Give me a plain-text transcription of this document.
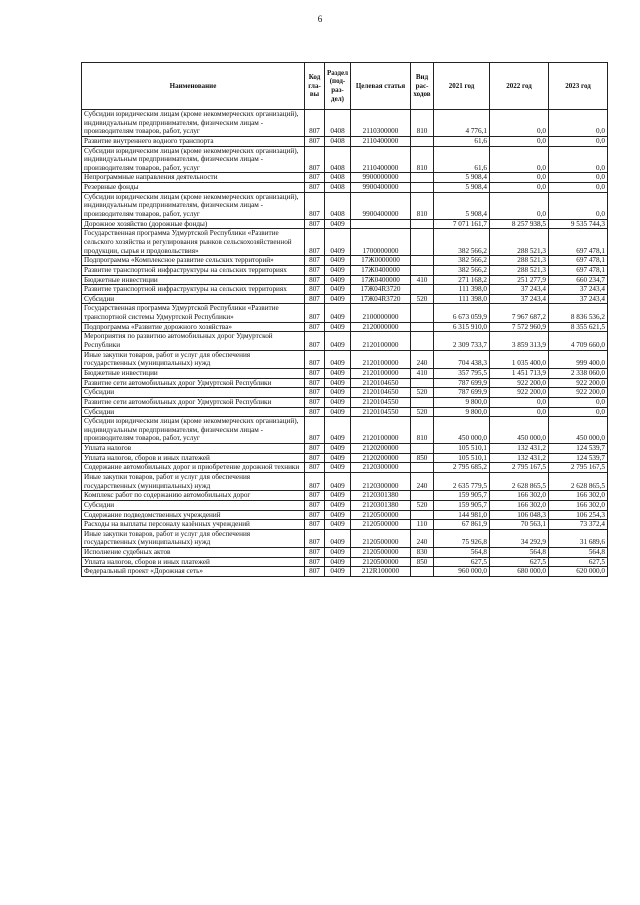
6
Наименование	Код гла- вы	Раздел (под- раз- дел)	Целевая статья	Вид рас- ходов	2021 год	2022 год	2023 год
Субсидии юридическим лицам (кроме некоммерческих организаций), индивидуальным предпринимателям, физическим лицам - производителям товаров, работ, услуг	807	0408	2110300000	810	4 776,1	0,0	0,0
Развитие внутреннего водного транспорта	807	0408	2110400000		61,6	0,0	0,0
Субсидии юридическим лицам (кроме некоммерческих организаций), индивидуальным предпринимателям, физическим лицам - производителям товаров, работ, услуг	807	0408	2110400000	810	61,6	0,0	0,0
Непрограммные направления деятельности	807	0408	9900000000		5 908,4	0,0	0,0
Резервные фонды	807	0408	9900400000		5 908,4	0,0	0,0
Субсидии юридическим лицам (кроме некоммерческих организаций), индивидуальным предпринимателям, физическим лицам - производителям товаров, работ, услуг	807	0408	9900400000	810	5 908,4	0,0	0,0
Дорожное хозяйство (дорожные фонды)	807	0409			7 071 161,7	8 257 938,5	9 535 744,3
Государственная программа Удмуртской Республики «Развитие сельского хозяйства и регулирования рынков сельскохозяйственной продукции, сырья и продовольствия»	807	0409	1700000000		382 566,2	288 521,3	697 478,1
Подпрограмма «Комплексное развитие сельских территорий»	807	0409	17Ж0000000		382 566,2	288 521,3	697 478,1
Развитие транспортной инфраструктуры на сельских территориях	807	0409	17Ж0400000		382 566,2	288 521,3	697 478,1
Бюджетные инвестиции	807	0409	17Ж0400000	410	271 168,2	251 277,9	660 234,7
Развитие транспортной инфраструктуры на сельских территориях	807	0409	17Ж04R3720		111 398,0	37 243,4	37 243,4
Субсидии	807	0409	17Ж04R3720	520	111 398,0	37 243,4	37 243,4
Государственная программа Удмуртской Республики «Развитие транспортной системы Удмуртской Республики»	807	0409	2100000000		6 673 059,9	7 967 687,2	8 836 536,2
Подпрограмма «Развитие дорожного хозяйства»	807	0409	2120000000		6 315 910,0	7 572 960,9	8 355 621,5
Мероприятия по развитию автомобильных дорог Удмуртской Республики	807	0409	2120100000		2 309 733,7	3 859 313,9	4 709 660,0
Иные закупки товаров, работ и услуг для обеспечения государственных (муниципальных) нужд	807	0409	2120100000	240	704 438,3	1 035 400,0	999 400,0
Бюджетные инвестиции	807	0409	2120100000	410	357 795,5	1 451 713,9	2 338 060,0
Развитие сети автомобильных дорог Удмуртской Республики	807	0409	2120104650		787 699,9	922 200,0	922 200,0
Субсидии	807	0409	2120104650	520	787 699,9	922 200,0	922 200,0
Развитие сети автомобильных дорог Удмуртской Республики	807	0409	2120104550		9 800,0	0,0	0,0
Субсидии	807	0409	2120104550	520	9 800,0	0,0	0,0
Субсидии юридическим лицам (кроме некоммерческих организаций), индивидуальным предпринимателям, физическим лицам - производителям товаров, работ, услуг	807	0409	2120100000	810	450 000,0	450 000,0	450 000,0
Уплата налогов	807	0409	2120200000		105 510,1	132 431,2	124 539,7
Уплата налогов, сборов и иных платежей	807	0409	2120200000	850	105 510,1	132 431,2	124 539,7
Содержание автомобильных дорог и приобретение дорожной техники	807	0409	2120300000		2 795 685,2	2 795 167,5	2 795 167,5
Иные закупки товаров, работ и услуг для обеспечения государственных (муниципальных) нужд	807	0409	2120300000	240	2 635 779,5	2 628 865,5	2 628 865,5
Комплекс работ по содержанию автомобильных дорог	807	0409	2120301380		159 905,7	166 302,0	166 302,0
Субсидии	807	0409	2120301380	520	159 905,7	166 302,0	166 302,0
Содержание подведомственных учреждений	807	0409	2120500000		144 981,0	106 048,3	106 254,3
Расходы на выплаты персоналу казённых учреждений	807	0409	2120500000	110	67 861,9	70 563,1	73 372,4
Иные закупки товаров, работ и услуг для обеспечения государственных (муниципальных) нужд	807	0409	2120500000	240	75 926,8	34 292,9	31 689,6
Исполнение судебных актов	807	0409	2120500000	830	564,8	564,8	564,8
Уплата налогов, сборов и иных платежей	807	0409	2120500000	850	627,5	627,5	627,5
Федеральный проект «Дорожная сеть»	807	0409	212R100000		960 000,0	680 000,0	620 000,0
